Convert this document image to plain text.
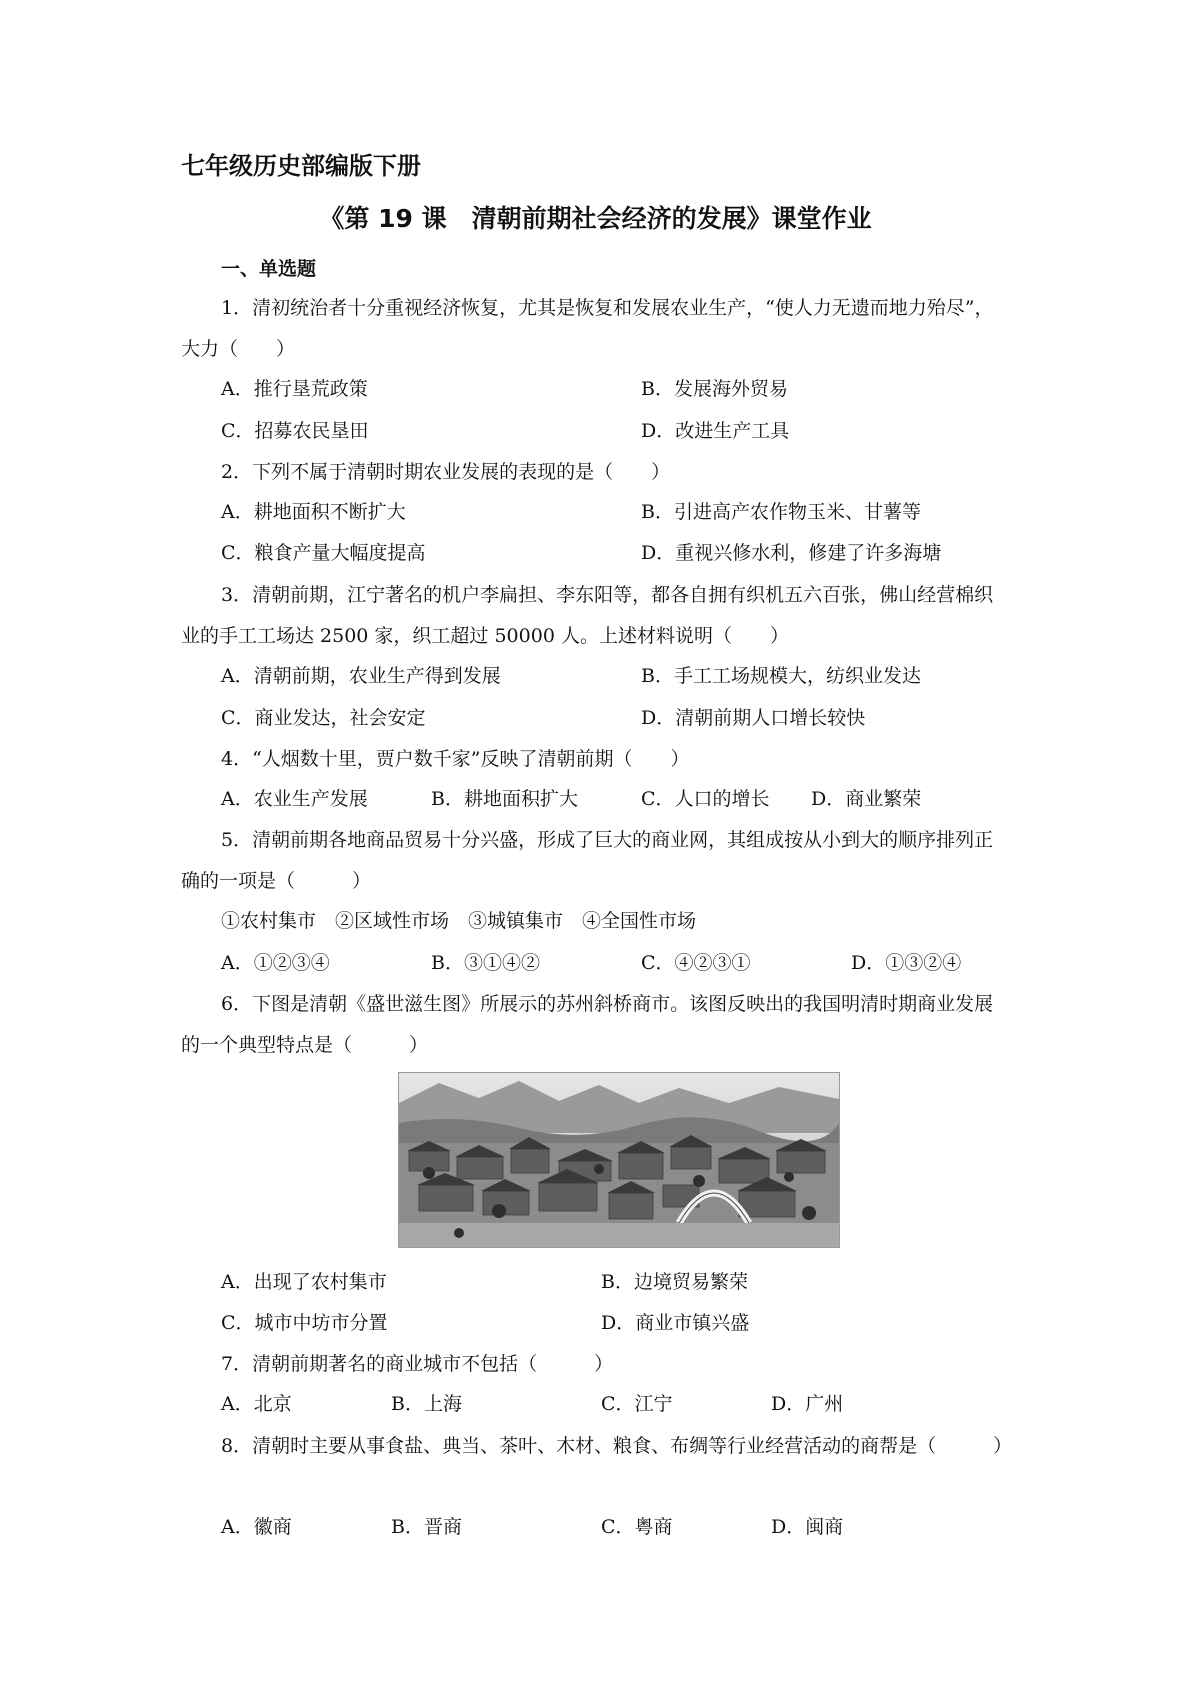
七年级历史部编版下册
《第 19 课　清朝前期社会经济的发展》课堂作业
一、单选题

1．清初统治者十分重视经济恢复，尤其是恢复和发展农业生产，“使人力无遗而地力殆尽”，大力（　　）

A．推行垦荒政策	B．发展海外贸易
C．招募农民垦田	D．改进生产工具

2．下列不属于清朝时期农业发展的表现的是（　　）

A．耕地面积不断扩大	B．引进高产农作物玉米、甘薯等
C．粮食产量大幅度提高	D．重视兴修水利，修建了许多海塘

3．清朝前期，江宁著名的机户李扁担、李东阳等，都各自拥有织机五六百张，佛山经营棉织业的手工工场达 2500 家，织工超过 50000 人。上述材料说明（　　）

A．清朝前期，农业生产得到发展	B．手工工场规模大，纺织业发达
C．商业发达，社会安定	D．清朝前期人口增长较快

4．“人烟数十里，贾户数千家”反映了清朝前期（　　）

A．农业生产发展	B．耕地面积扩大	C．人口的增长 D．商业繁荣

5．清朝前期各地商品贸易十分兴盛，形成了巨大的商业网，其组成按从小到大的顺序排列正确的一项是（　　　）

①农村集市　②区域性市场　③城镇集市　④全国性市场
A．①②③④	B．③①④②	C．④②③①	D．①③②④

6．下图是清朝《盛世滋生图》所展示的苏州斜桥商市。该图反映出的我国明清时期商业发展的一个典型特点是（　　　）

A．出现了农村集市	B．边境贸易繁荣
C．城市中坊市分置	D．商业市镇兴盛

7．清朝前期著名的商业城市不包括（　　　）

A．北京	B．上海	C．江宁	D．广州

8．清朝时主要从事食盐、典当、茶叶、木材、粮食、布绸等行业经营活动的商帮是（　　　）

A．徽商	B．晋商	C．粤商	D．闽商
